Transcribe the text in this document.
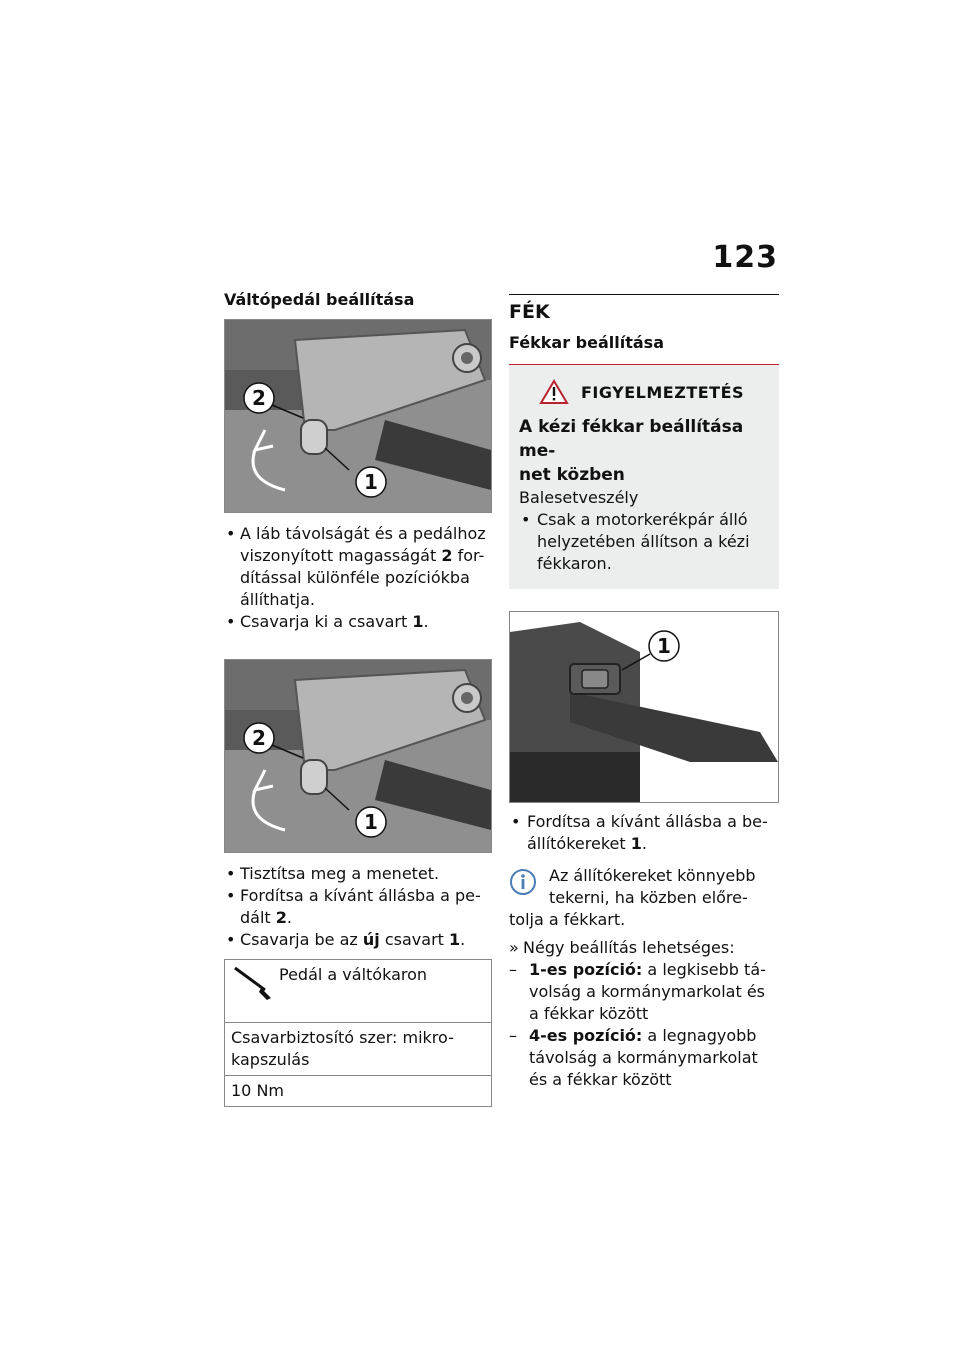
123
Váltópedál beállítása
2
1
• A láb távolságát és a pedálhoz
viszonyított magasságát 2 for-
dítással különféle pozíciókba
állíthatja.
• Csavarja ki a csavart 1.
2
1
• Tisztítsa meg a menetet.
• Fordítsa a kívánt állásba a pe-
dált 2.
• Csavarja be az új csavart 1.
Pedál a váltókaron

Csavarbiztosító szer: mikro-
kapszulás

10 Nm
FÉK
Fékkar beállítása
FIGYELMEZTETÉS
A kézi fékkar beállítása me-
net közben
Balesetveszély
• Csak a motorkerékpár álló
helyzetében állítson a kézi
fékkaron.
1
• Fordítsa a kívánt állásba a be-
állítókereket 1.
Az állítókereket könnyebb
tekerni, ha közben előre-
tolja a fékkart.
» Négy beállítás lehetséges:
– 1-es pozíció: a legkisebb tá-
volság a kormánymarkolat és
a fékkar között
– 4-es pozíció: a legnagyobb
távolság a kormánymarkolat
és a fékkar között
